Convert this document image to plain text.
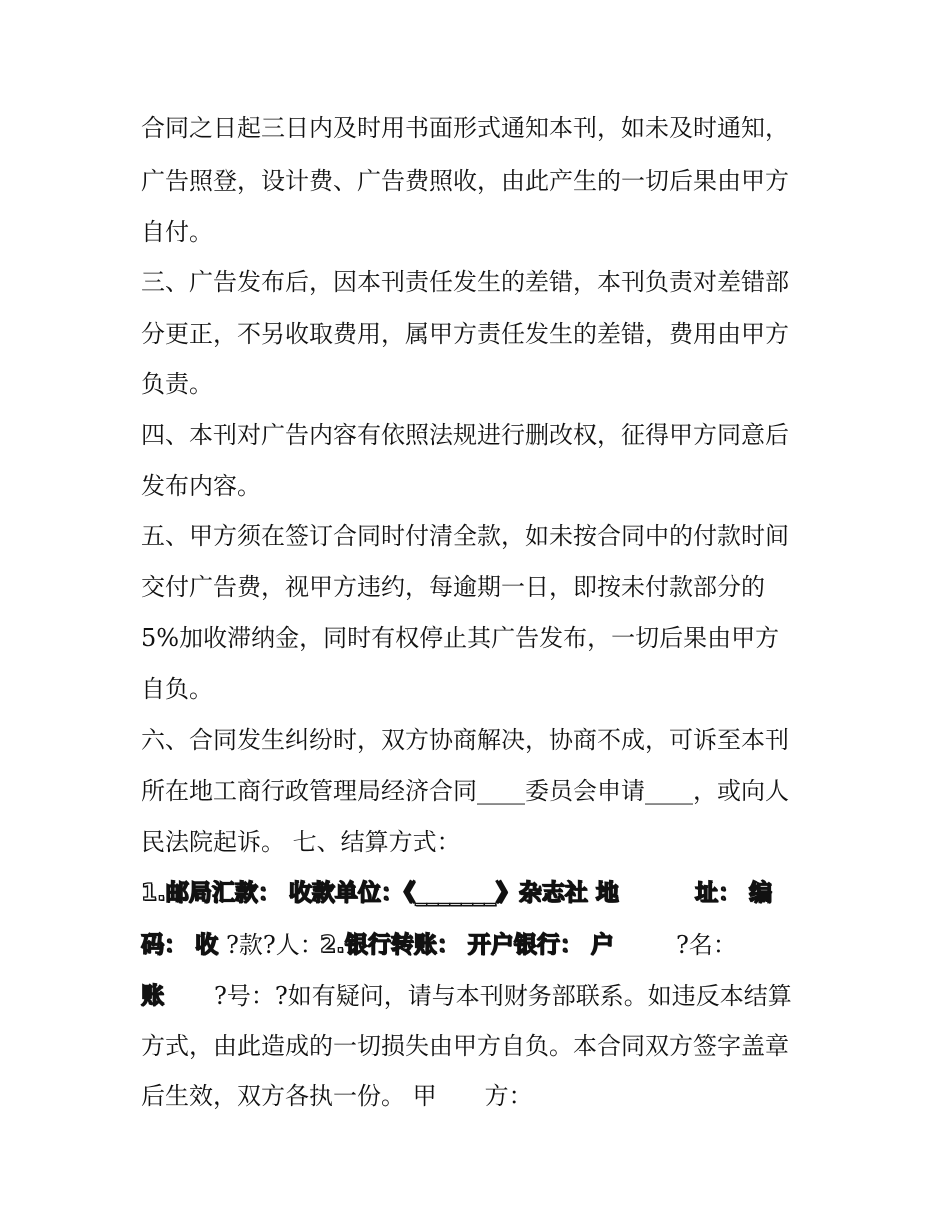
合同之日起三日内及时用书面形式通知本刊，如未及时通知，
广告照登，设计费、广告费照收，由此产生的一切后果由甲方
自付。
三、广告发布后，因本刊责任发生的差错，本刊负责对差错部
分更正，不另收取费用，属甲方责任发生的差错，费用由甲方
负责。
四、本刊对广告内容有依照法规进行删改权，征得甲方同意后
发布内容。
五、甲方须在签订合同时付清全款，如未按合同中的付款时间
交付广告费，视甲方违约，每逾期一日，即按未付款部分的
5%加收滞纳金，同时有权停止其广告发布，一切后果由甲方
自负。
六、合同发生纠纷时，双方协商解决，协商不成，可诉至本刊
所在地工商行政管理局经济合同____委员会申请____，或向人
民法院起诉。 七、结算方式：
1.邮局汇款： 收款单位：《_______》杂志社 地	址： 编
码： 收 ?款?人：
2.银行转账： 开户银行： 户	?名：
账 ?号：?如有疑问，请与本刊财务部联系。如违反本结算
方式，由此造成的一切损失由甲方自负。本合同双方签字盖章
后生效，双方各执一份。 甲　　方：
